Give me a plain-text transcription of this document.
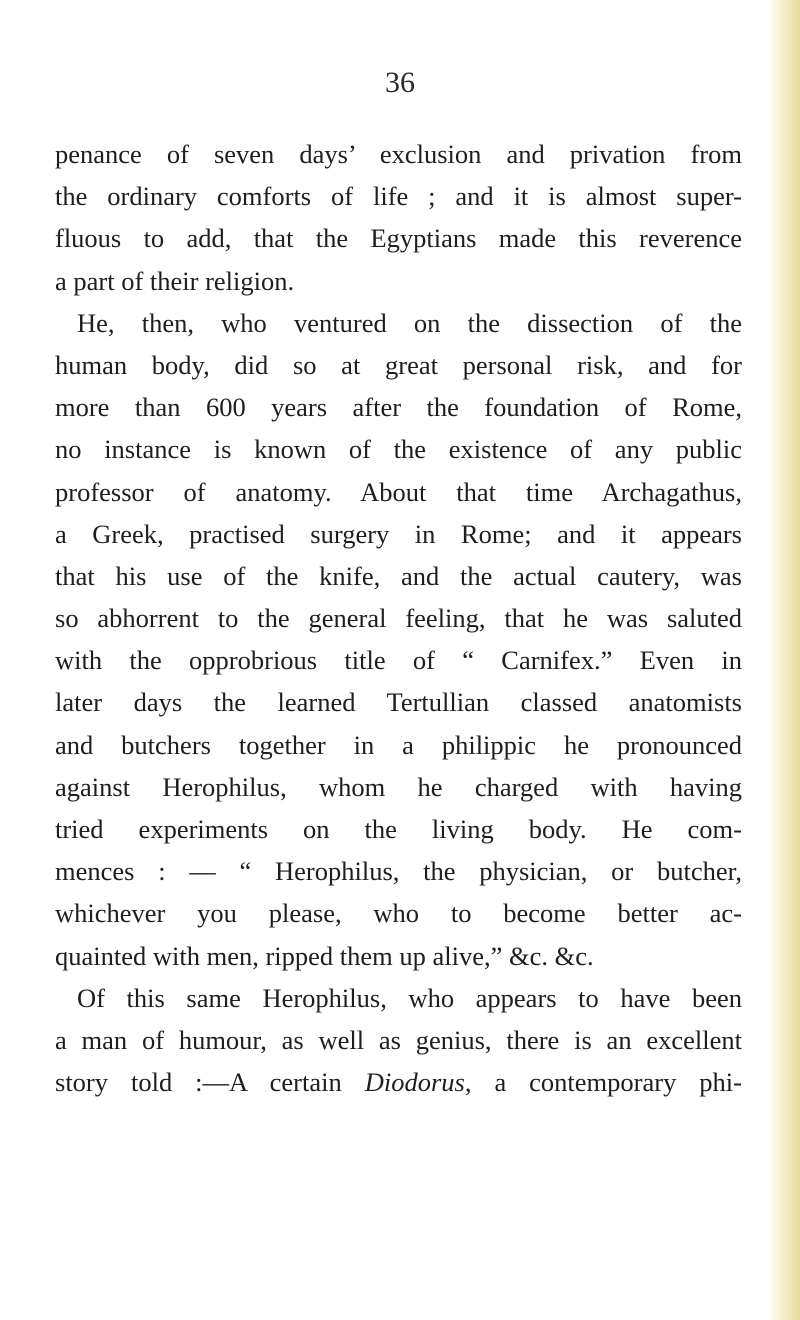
36
penance of seven days’ exclusion and privation from
the ordinary comforts of life ; and it is almost super-
fluous to add, that the Egyptians made this reverence
a part of their religion.
He, then, who ventured on the dissection of the
human body, did so at great personal risk, and for
more than 600 years after the foundation of Rome,
no instance is known of the existence of any public
professor of anatomy. About that time Archagathus,
a Greek, practised surgery in Rome; and it appears
that his use of the knife, and the actual cautery, was
so abhorrent to the general feeling, that he was saluted
with the opprobrious title of “ Carnifex.” Even in
later days the learned Tertullian classed anatomists
and butchers together in a philippic he pronounced
against Herophilus, whom he charged with having
tried experiments on the living body. He com-
mences : — “ Herophilus, the physician, or butcher,
whichever you please, who to become better ac-
quainted with men, ripped them up alive,” &c. &c.
Of this same Herophilus, who appears to have been
a man of humour, as well as genius, there is an excellent
story told :—A certain Diodorus, a contemporary phi-
